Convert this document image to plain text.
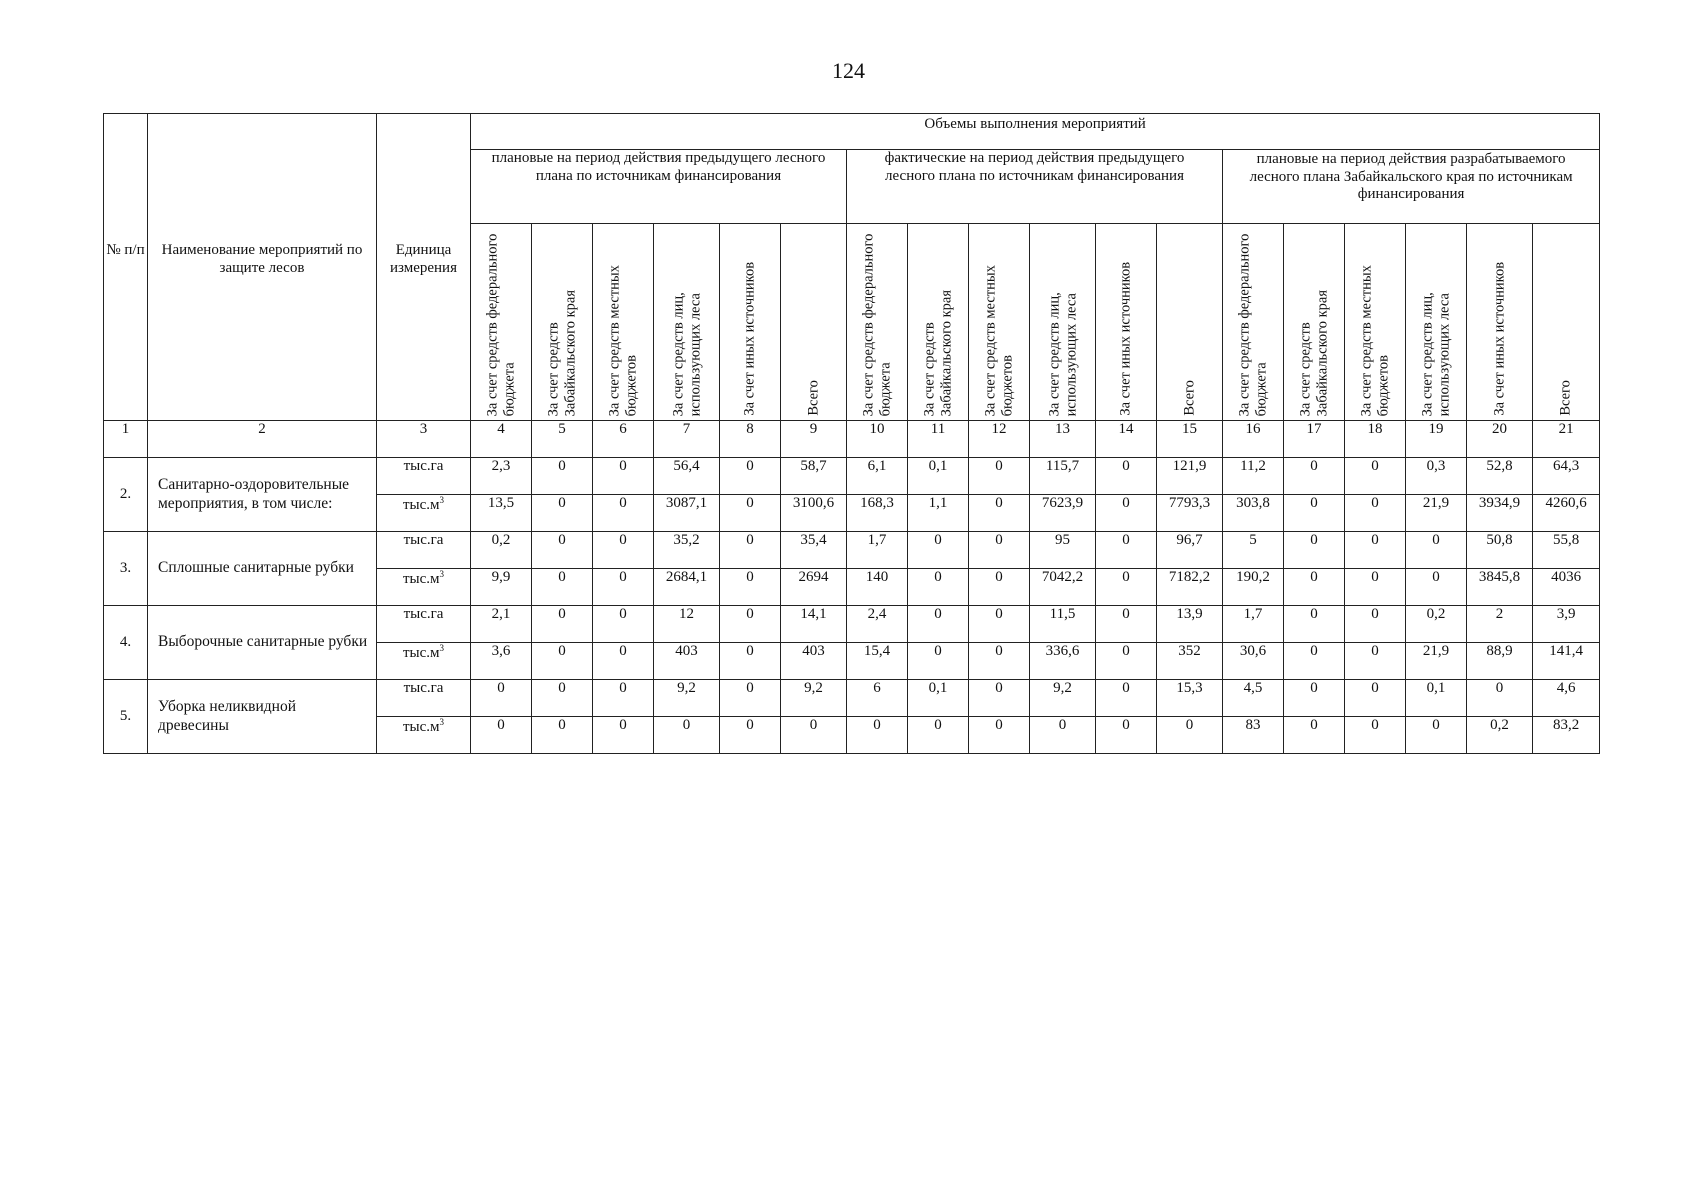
124
№ п/п	Наименование мероприятий по защите лесов	Единица измерения	Объемы выполнения мероприятий																	
			плановые на период действия предыдущего лесного плана по источникам финансирования						фактические на период действия предыдущего лесного плана по источникам финансирования						плановые на период действия разрабатываемого лесного плана Забайкальского края по источникам финансирования					

			За счет средств федерального бюджета	За счет средств Забайкальского края	За счет средств местных бюджетов	За счет средств лиц, использующих леса	За счет иных источников	Всего	За счет средств федерального бюджета	За счет средств Забайкальского края	За счет средств местных бюджетов	За счет средств лиц, использующих леса	За счет иных источников	Всего	За счет средств федерального бюджета	За счет средств Забайкальского края	За счет средств местных бюджетов	За счет средств лиц, использующих леса	За счет иных источников	Всего

1	2	3	4	5	6	7	8	9	10	11	12	13	14	15	16	17	18	19	20	21
2.	Санитарно-оздоровительные мероприятия, в том числе:	тыс.га	2,3	0	0	56,4	0	58,7	6,1	0,1	0	115,7	0	121,9	11,2	0	0	0,3	52,8	64,3
		$тыс.м^3$	13,5	0	0	3087,1	0	3100,6	168,3	1,1	0	7623,9	0	7793,3	303,8	0	0	21,9	3934,9	4260,6
3.	Сплошные санитарные рубки	тыс.га	0,2	0	0	35,2	0	35,4	1,7	0	0	95	0	96,7	5	0	0	0	50,8	55,8
		$тыс.м^3$	9,9	0	0	2684,1	0	2694	140	0	0	7042,2	0	7182,2	190,2	0	0	0	3845,8	4036
4.	Выборочные санитарные рубки	тыс.га	2,1	0	0	12	0	14,1	2,4	0	0	11,5	0	13,9	1,7	0	0	0,2	2	3,9
		$тыс.м^3$	3,6	0	0	403	0	403	15,4	0	0	336,6	0	352	30,6	0	0	21,9	88,9	141,4
5.	Уборка неликвидной древесины	тыс.га	0	0	0	9,2	0	9,2	6	0,1	0	9,2	0	15,3	4,5	0	0	0,1	0	4,6
		$тыс.м^3$	0	0	0	0	0	0	0	0	0	0	0	0	83	0	0	0	0,2	83,2
